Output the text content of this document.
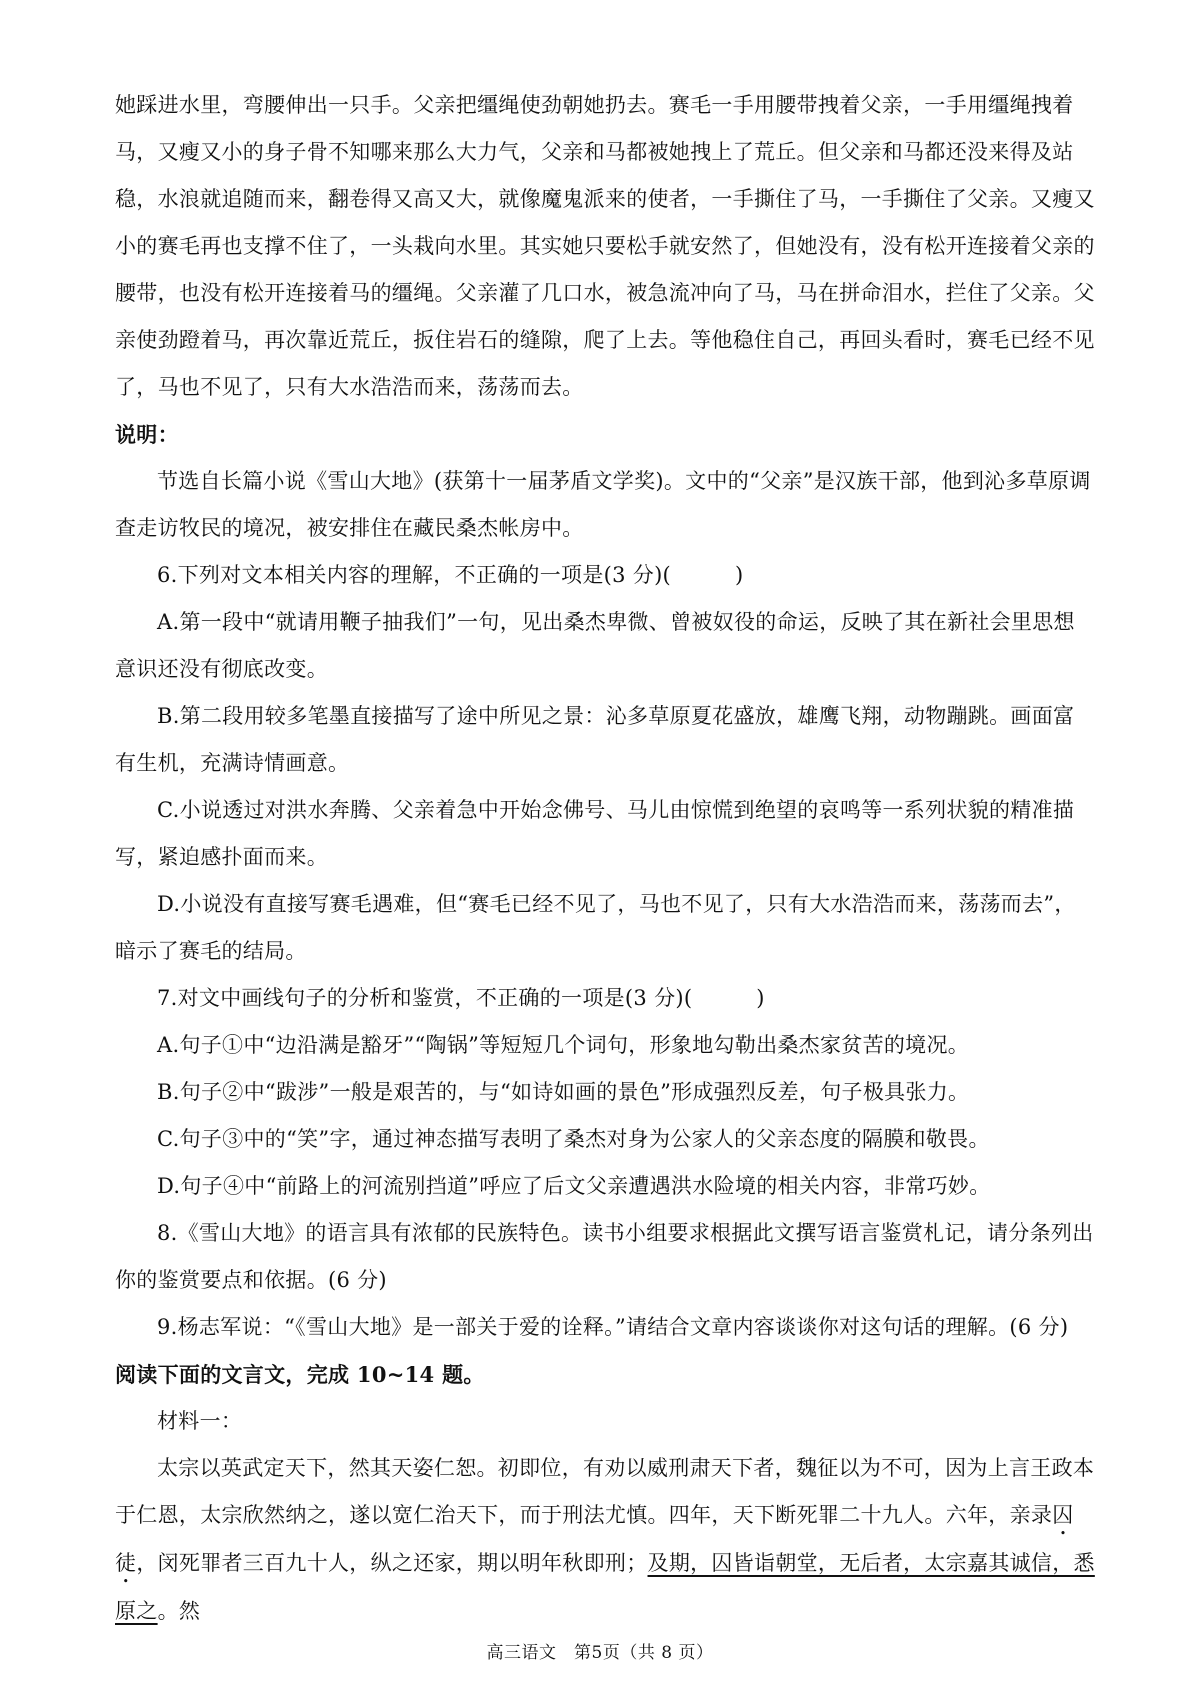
她踩进水里，弯腰伸出一只手。父亲把缰绳使劲朝她扔去。赛毛一手用腰带拽着父亲，一手用缰绳拽着马，又瘦又小的身子骨不知哪来那么大力气，父亲和马都被她拽上了荒丘。但父亲和马都还没来得及站稳，水浪就追随而来，翻卷得又高又大，就像魔鬼派来的使者，一手撕住了马，一手撕住了父亲。又瘦又小的赛毛再也支撑不住了，一头栽向水里。其实她只要松手就安然了，但她没有，没有松开连接着父亲的腰带，也没有松开连接着马的缰绳。父亲灌了几口水，被急流冲向了马，马在拼命泪水，拦住了父亲。父亲使劲蹬着马，再次靠近荒丘，扳住岩石的缝隙，爬了上去。等他稳住自己，再回头看时，赛毛已经不见了，马也不见了，只有大水浩浩而来，荡荡而去。

说明：

节选自长篇小说《雪山大地》(获第十一届茅盾文学奖)。文中的“父亲”是汉族干部，他到沁多草原调查走访牧民的境况，被安排住在藏民桑杰帐房中。

6.下列对文本相关内容的理解，不正确的一项是(3 分)(　　　)

A.第一段中“就请用鞭子抽我们”一句，见出桑杰卑微、曾被奴役的命运，反映了其在新社会里思想意识还没有彻底改变。

B.第二段用较多笔墨直接描写了途中所见之景：沁多草原夏花盛放，雄鹰飞翔，动物蹦跳。画面富有生机，充满诗情画意。

C.小说透过对洪水奔腾、父亲着急中开始念佛号、马儿由惊慌到绝望的哀鸣等一系列状貌的精准描写，紧迫感扑面而来。

D.小说没有直接写赛毛遇难，但“赛毛已经不见了，马也不见了，只有大水浩浩而来，荡荡而去”，暗示了赛毛的结局。

7.对文中画线句子的分析和鉴赏，不正确的一项是(3 分)(　　　)

A.句子①中“边沿满是豁牙”“陶锅”等短短几个词句，形象地勾勒出桑杰家贫苦的境况。

B.句子②中“跋涉”一般是艰苦的，与“如诗如画的景色”形成强烈反差，句子极具张力。

C.句子③中的“笑”字，通过神态描写表明了桑杰对身为公家人的父亲态度的隔膜和敬畏。

D.句子④中“前路上的河流别挡道”呼应了后文父亲遭遇洪水险境的相关内容，非常巧妙。

8.《雪山大地》的语言具有浓郁的民族特色。读书小组要求根据此文撰写语言鉴赏札记，请分条列出你的鉴赏要点和依据。(6 分)

9.杨志军说：“《雪山大地》是一部关于爱的诠释。”请结合文章内容谈谈你对这句话的理解。(6 分)

阅读下面的文言文，完成 10~14 题。

材料一：

太宗以英武定天下，然其天姿仁恕。初即位，有劝以威刑肃天下者，魏征以为不可，因为上言王政本于仁恩，太宗欣然纳之，遂以宽仁治天下，而于刑法尤慎。四年，天下断死罪二十九人。六年，亲录囚徒，闵死罪者三百九十人，纵之还家，期以明年秋即刑；及期，囚皆诣朝堂，无后者，太宗嘉其诚信，悉原之。然

高三语文　第5页（共 8 页）
